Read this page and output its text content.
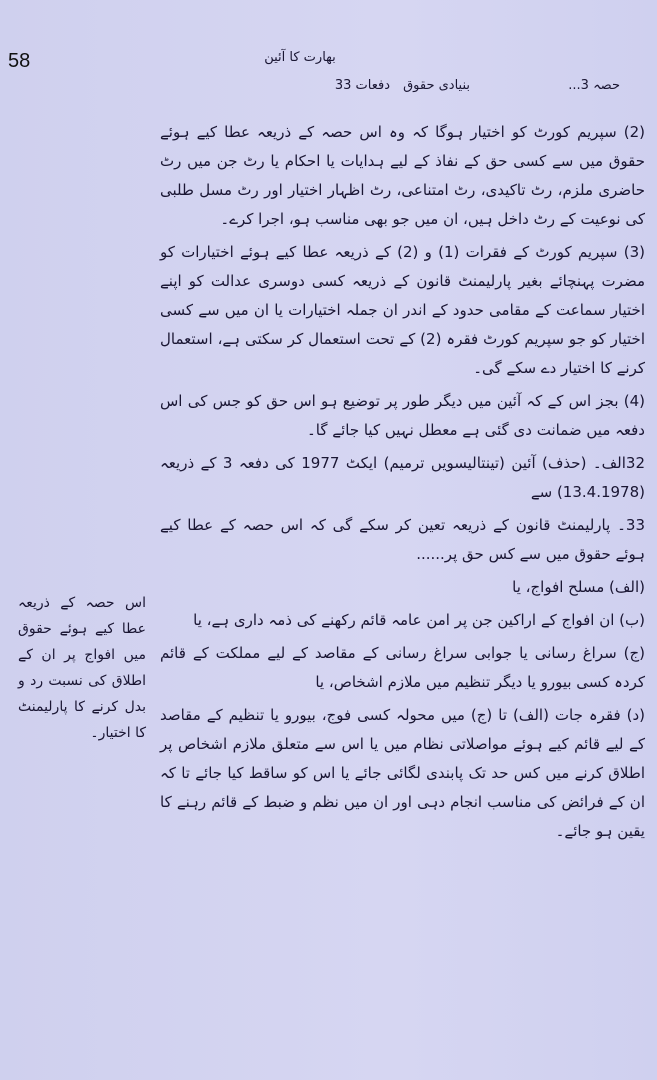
58	بھارت کا آئین
حصہ 3...
بنیادی حقوق
دفعات 33

(2) سپریم کورٹ کو اختیار ہوگا کہ وہ اس حصہ کے ذریعہ عطا کیے ہوئے حقوق میں سے کسی حق کے نفاذ کے لیے ہدایات یا احکام یا رٹ جن میں رٹ حاضری ملزم، رٹ تاکیدی، رٹ امتناعی، رٹ اظہار اختیار اور رٹ مسل طلبی کی نوعیت کے رٹ داخل ہیں، ان میں جو بھی مناسب ہو، اجرا کرے۔

(3) سپریم کورٹ کے فقرات (1) و (2) کے ذریعہ عطا کیے ہوئے اختیارات کو مضرت پہنچائے بغیر پارلیمنٹ قانون کے ذریعہ کسی دوسری عدالت کو اپنے اختیار سماعت کے مقامی حدود کے اندر ان جملہ اختیارات یا ان میں سے کسی اختیار کو جو سپریم کورٹ فقرہ (2) کے تحت استعمال کر سکتی ہے، استعمال کرنے کا اختیار دے سکے گی۔

(4) بجز اس کے کہ آئین میں دیگر طور پر توضیع ہو اس حق کو جس کی اس دفعہ میں ضمانت دی گئی ہے معطل نہیں کیا جائے گا۔

32الف۔ (حذف) آئین (تینتالیسویں ترمیم) ایکٹ 1977 کی دفعہ 3 کے ذریعہ (13.4.1978) سے

33۔ پارلیمنٹ قانون کے ذریعہ تعین کر سکے گی کہ اس حصہ کے عطا کیے ہوئے حقوق میں سے کس حق پر......

(الف) مسلح افواج، یا

(ب) ان افواج کے اراکین جن پر امن عامہ قائم رکھنے کی ذمہ داری ہے، یا

(ج) سراغ رسانی یا جوابی سراغ رسانی کے مقاصد کے لیے مملکت کے قائم کردہ کسی بیورو یا دیگر تنظیم میں ملازم اشخاص، یا

(د) فقرہ جات (الف) تا (ج) میں محولہ کسی فوج، بیورو یا تنظیم کے مقاصد کے لیے قائم کیے ہوئے مواصلاتی نظام میں یا اس سے متعلق ملازم اشخاص پر اطلاق کرنے میں کس حد تک پابندی لگائی جائے یا اس کو ساقط کیا جائے تا کہ ان کے فرائض کی مناسب انجام دہی اور ان میں نظم و ضبط کے قائم رہنے کا یقین ہو جائے۔

اس حصہ کے ذریعہ عطا کیے ہوئے حقوق میں افواج پر ان کے اطلاق کی نسبت رد و بدل کرنے کا پارلیمنٹ کا اختیار۔
